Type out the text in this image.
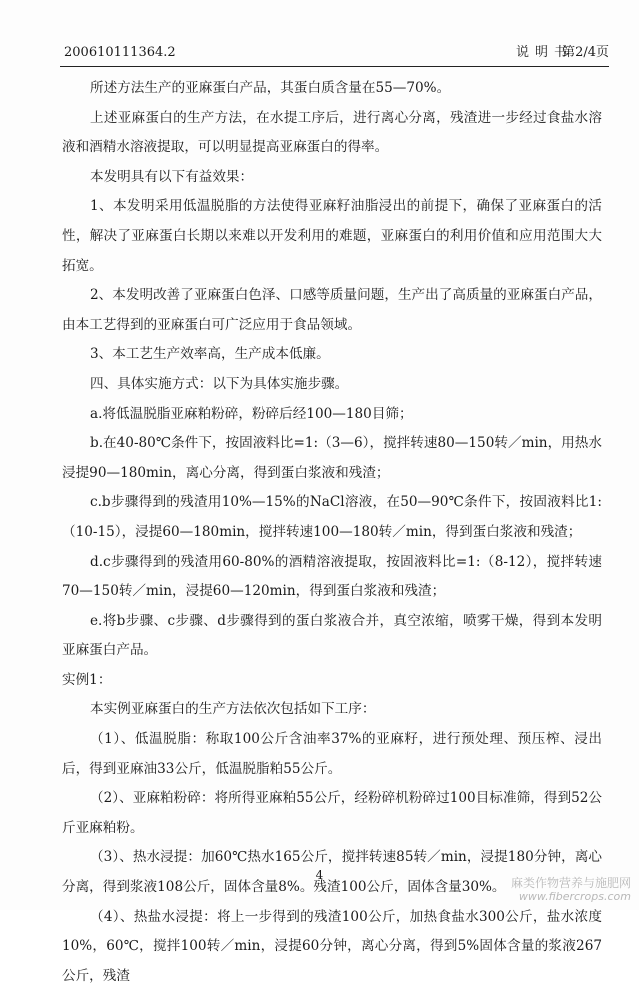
200610111364.2	说明书
第2/4页

所述方法生产的亚麻蛋白产品，其蛋白质含量在55—70%。

上述亚麻蛋白的生产方法，在水提工序后，进行离心分离，残渣进一步经过食盐水溶液和酒精水溶液提取，可以明显提高亚麻蛋白的得率。

本发明具有以下有益效果：

1、本发明采用低温脱脂的方法使得亚麻籽油脂浸出的前提下，确保了亚麻蛋白的活性，解决了亚麻蛋白长期以来难以开发利用的难题，亚麻蛋白的利用价值和应用范围大大拓宽。

2、本发明改善了亚麻蛋白色泽、口感等质量问题，生产出了高质量的亚麻蛋白产品，由本工艺得到的亚麻蛋白可广泛应用于食品领域。

3、本工艺生产效率高，生产成本低廉。

四、具体实施方式：以下为具体实施步骤。

a.将低温脱脂亚麻粕粉碎，粉碎后经100—180目筛；

b.在40-80℃条件下，按固液料比=1:（3—6），搅拌转速80—150转／min，用热水浸提90—180min，离心分离，得到蛋白浆液和残渣；

c.b步骤得到的残渣用10%—15%的NaCl溶液，在50—90℃条件下，按固液料比1:（10-15），浸提60—180min，搅拌转速100—180转／min，得到蛋白浆液和残渣；

d.c步骤得到的残渣用60-80%的酒精溶液提取，按固液料比=1:（8-12），搅拌转速70—150转／min，浸提60—120min，得到蛋白浆液和残渣；

e.将b步骤、c步骤、d步骤得到的蛋白浆液合并，真空浓缩，喷雾干燥，得到本发明亚麻蛋白产品。

实例1：

本实例亚麻蛋白的生产方法依次包括如下工序：

（1）、低温脱脂：称取100公斤含油率37%的亚麻籽，进行预处理、预压榨、浸出后，得到亚麻油33公斤，低温脱脂粕55公斤。

（2）、亚麻粕粉碎：将所得亚麻粕55公斤，经粉碎机粉碎过100目标准筛，得到52公斤亚麻粕粉。

（3）、热水浸提：加60℃热水165公斤，搅拌转速85转／min，浸提180分钟，离心分离，得到浆液108公斤，固体含量8%。残渣100公斤，固体含量30%。

（4）、热盐水浸提：将上一步得到的残渣100公斤，加热食盐水300公斤，盐水浓度10%，60℃，搅拌100转／min，浸提60分钟，离心分离，得到5%固体含量的浆液267公斤，残渣

4
麻类作物营养与施肥网
www.fibercrops.com
